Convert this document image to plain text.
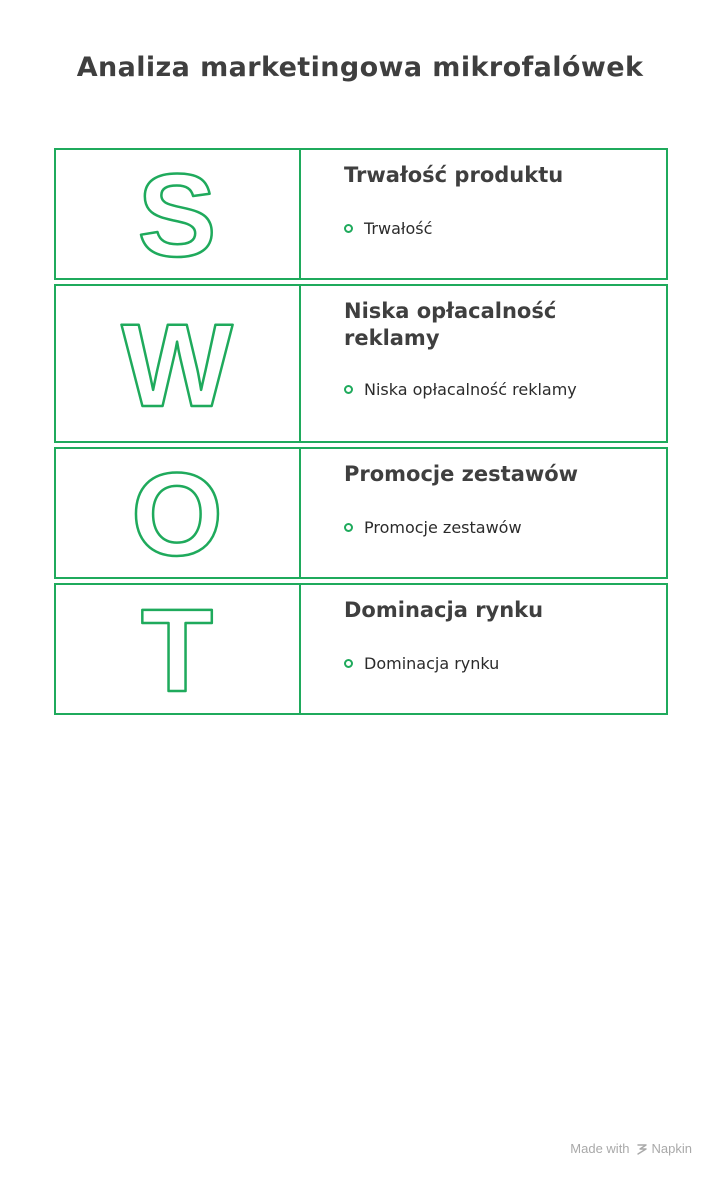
Analiza marketingowa mikrofalówek
S	Trwałość produktu
Trwałość
W	Niska opłacalność reklamy
Niska opłacalność reklamy
O	Promocje zestawów
Promocje zestawów
T	Dominacja rynku
Dominacja rynku
Made with Napkin
